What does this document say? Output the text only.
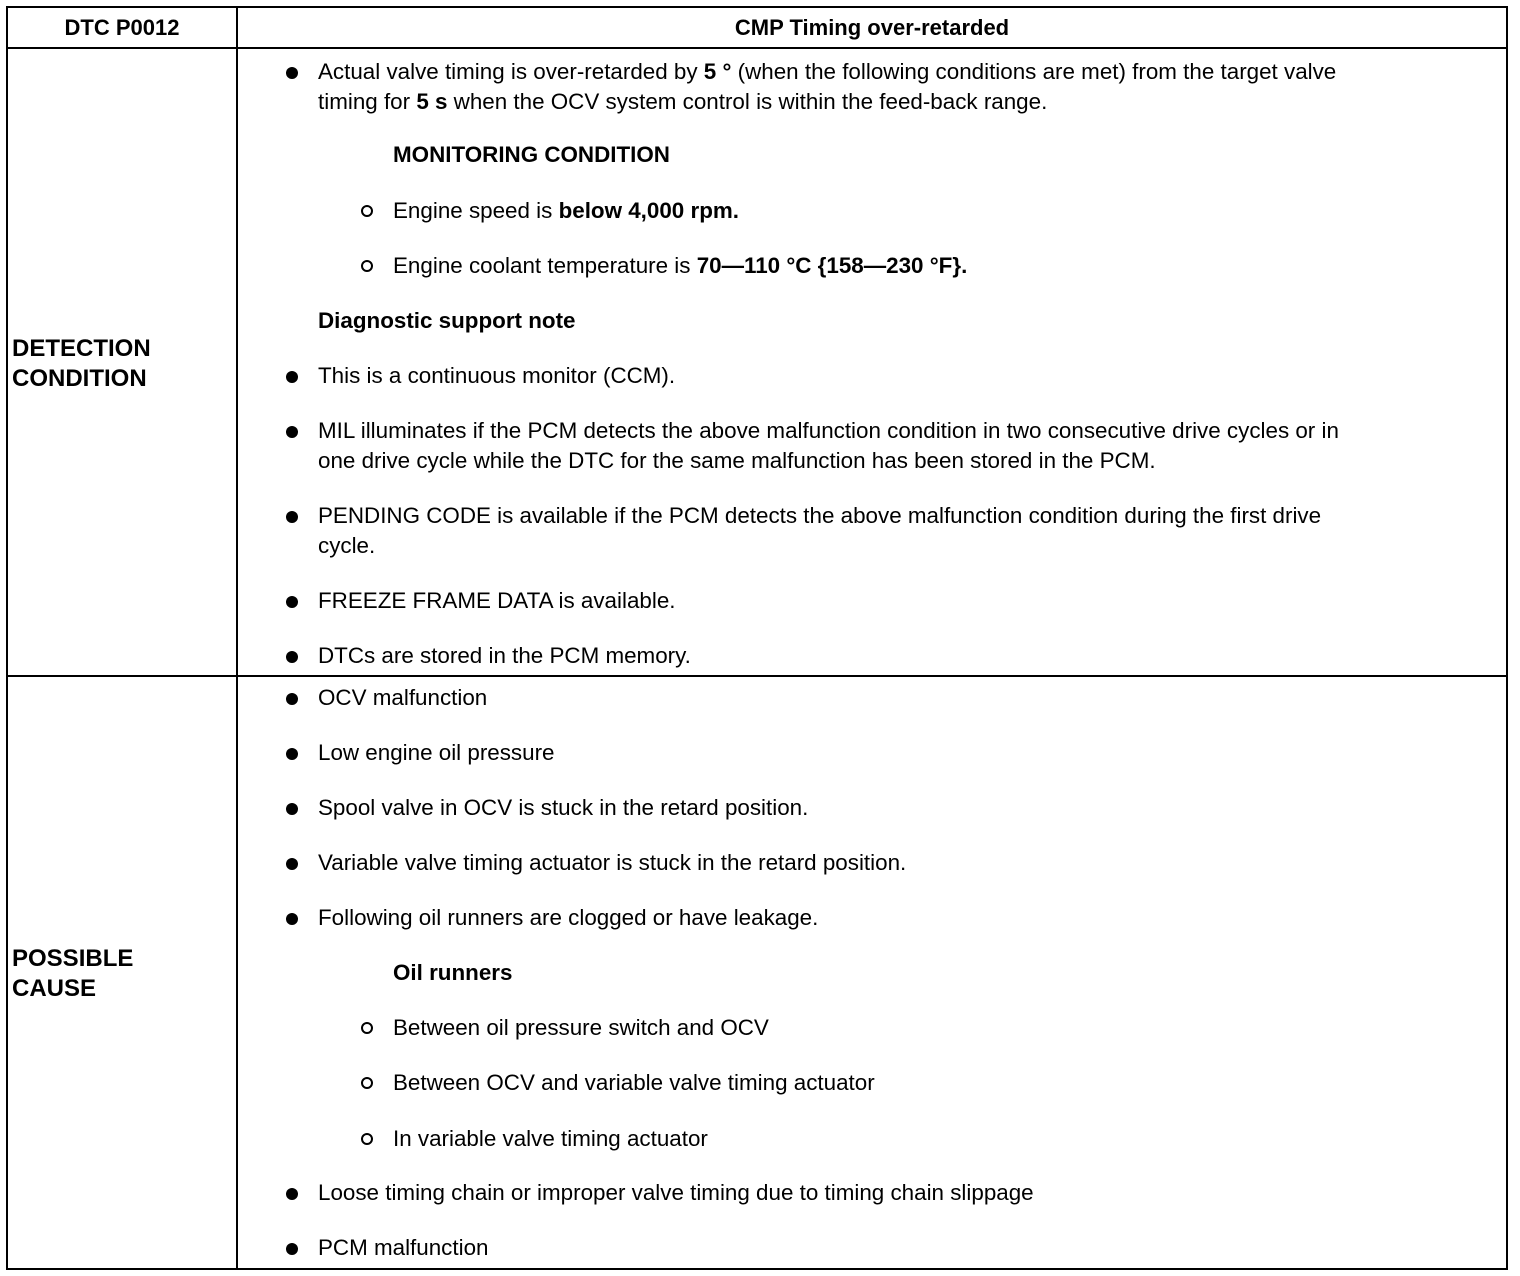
DTC P0012	CMP Timing over-retarded
DETECTION
CONDITION
Actual valve timing is over-retarded by 5 ° (when the following conditions are met) from the target valve
timing for 5 s when the OCV system control is within the feed-back range.
MONITORING CONDITION
Engine speed is below 4,000 rpm.
Engine coolant temperature is 70—110 °C {158—230 °F}.
Diagnostic support note
This is a continuous monitor (CCM).
MIL illuminates if the PCM detects the above malfunction condition in two consecutive drive cycles or in
one drive cycle while the DTC for the same malfunction has been stored in the PCM.
PENDING CODE is available if the PCM detects the above malfunction condition during the first drive
cycle.
FREEZE FRAME DATA is available.
DTCs are stored in the PCM memory.
POSSIBLE
CAUSE
OCV malfunction
Low engine oil pressure
Spool valve in OCV is stuck in the retard position.
Variable valve timing actuator is stuck in the retard position.
Following oil runners are clogged or have leakage.
Oil runners
Between oil pressure switch and OCV
Between OCV and variable valve timing actuator
In variable valve timing actuator
Loose timing chain or improper valve timing due to timing chain slippage
PCM malfunction
